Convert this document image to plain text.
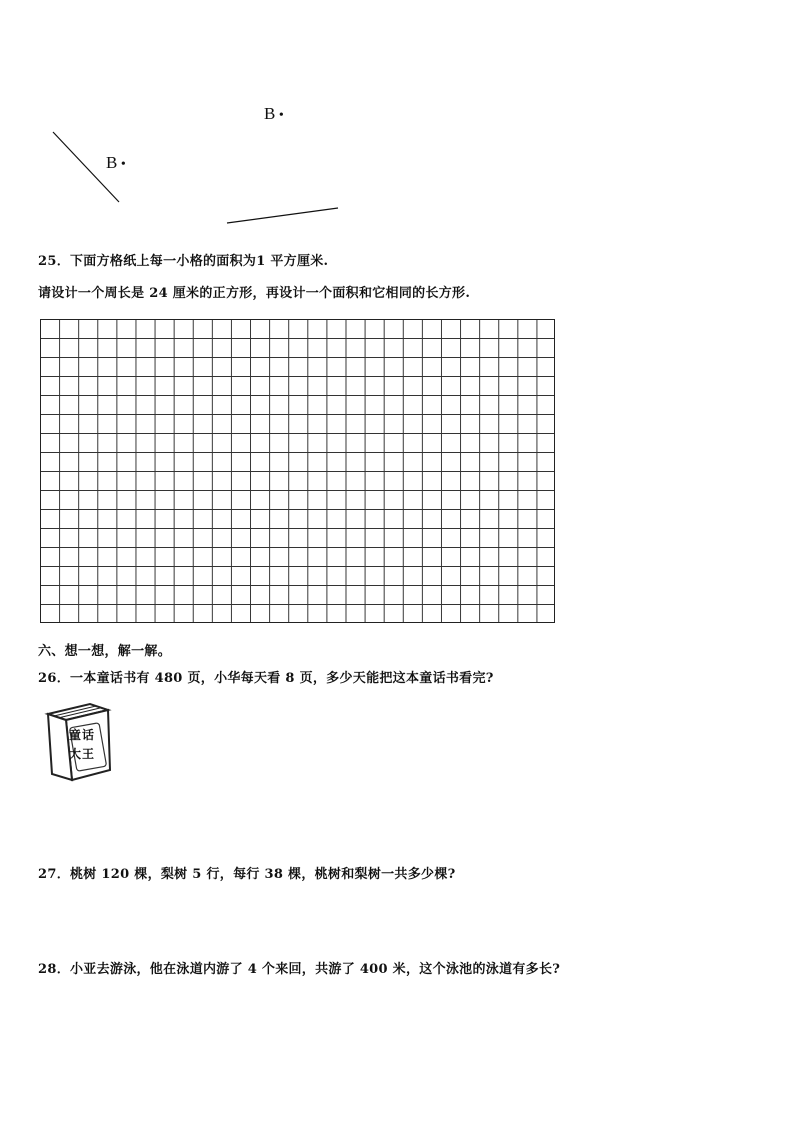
B •
B •
25．下面方格纸上每一小格的面积为1 平方厘米.
请设计一个周长是 24 厘米的正方形，再设计一个面积和它相同的长方形.
六、想一想，解一解。
26．一本童话书有 480 页，小华每天看 8 页，多少天能把这本童话书看完?
童话
大王
27．桃树 120 棵，梨树 5 行，每行 38 棵，桃树和梨树一共多少棵?
28．小亚去游泳，他在泳道内游了 4 个来回，共游了 400 米，这个泳池的泳道有多长?
